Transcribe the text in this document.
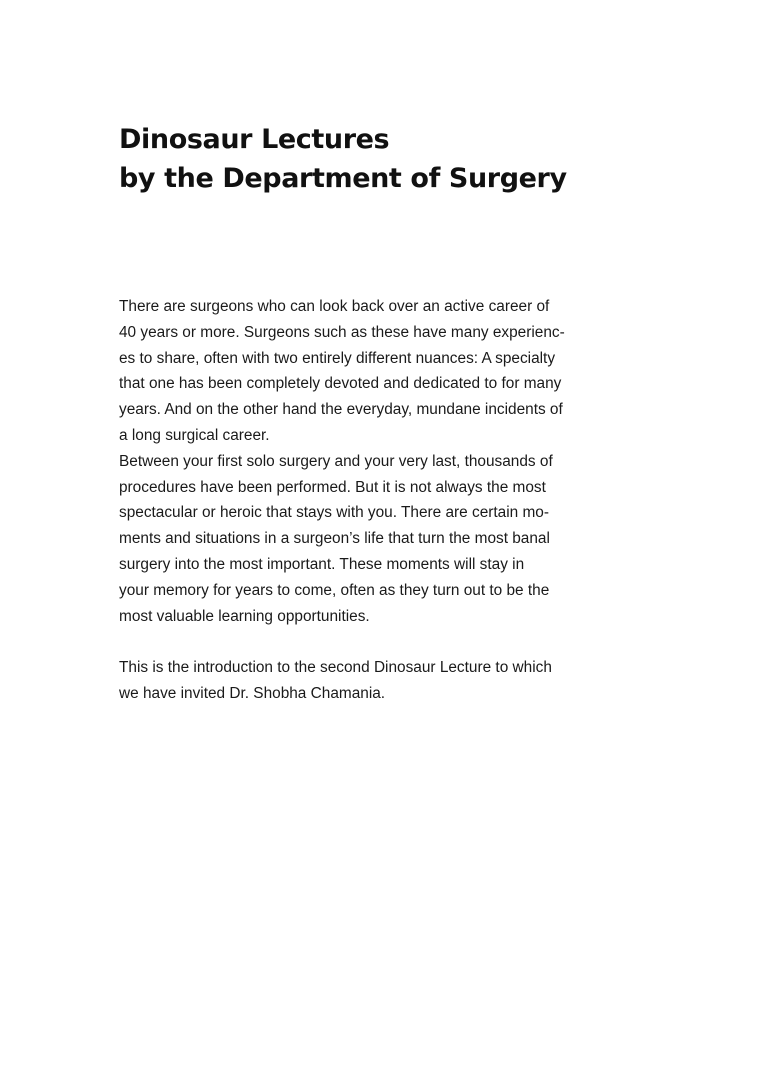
Dinosaur Lectures
by the Department of Surgery
There are surgeons who can look back over an active career of
40 years or more. Surgeons such as these have many experienc-
es to share, often with two entirely different nuances: A specialty
that one has been completely devoted and dedicated to for many
years. And on the other hand the everyday, mundane incidents of
a long surgical career.
Between your first solo surgery and your very last, thousands of
procedures have been performed. But it is not always the most
spectacular or heroic that stays with you. There are certain mo-
ments and situations in a surgeon’s life that turn the most banal
surgery into the most important. These moments will stay in
your memory for years to come, often as they turn out to be the
most valuable learning opportunities.
This is the introduction to the second Dinosaur Lecture to which
we have invited Dr. Shobha Chamania.
